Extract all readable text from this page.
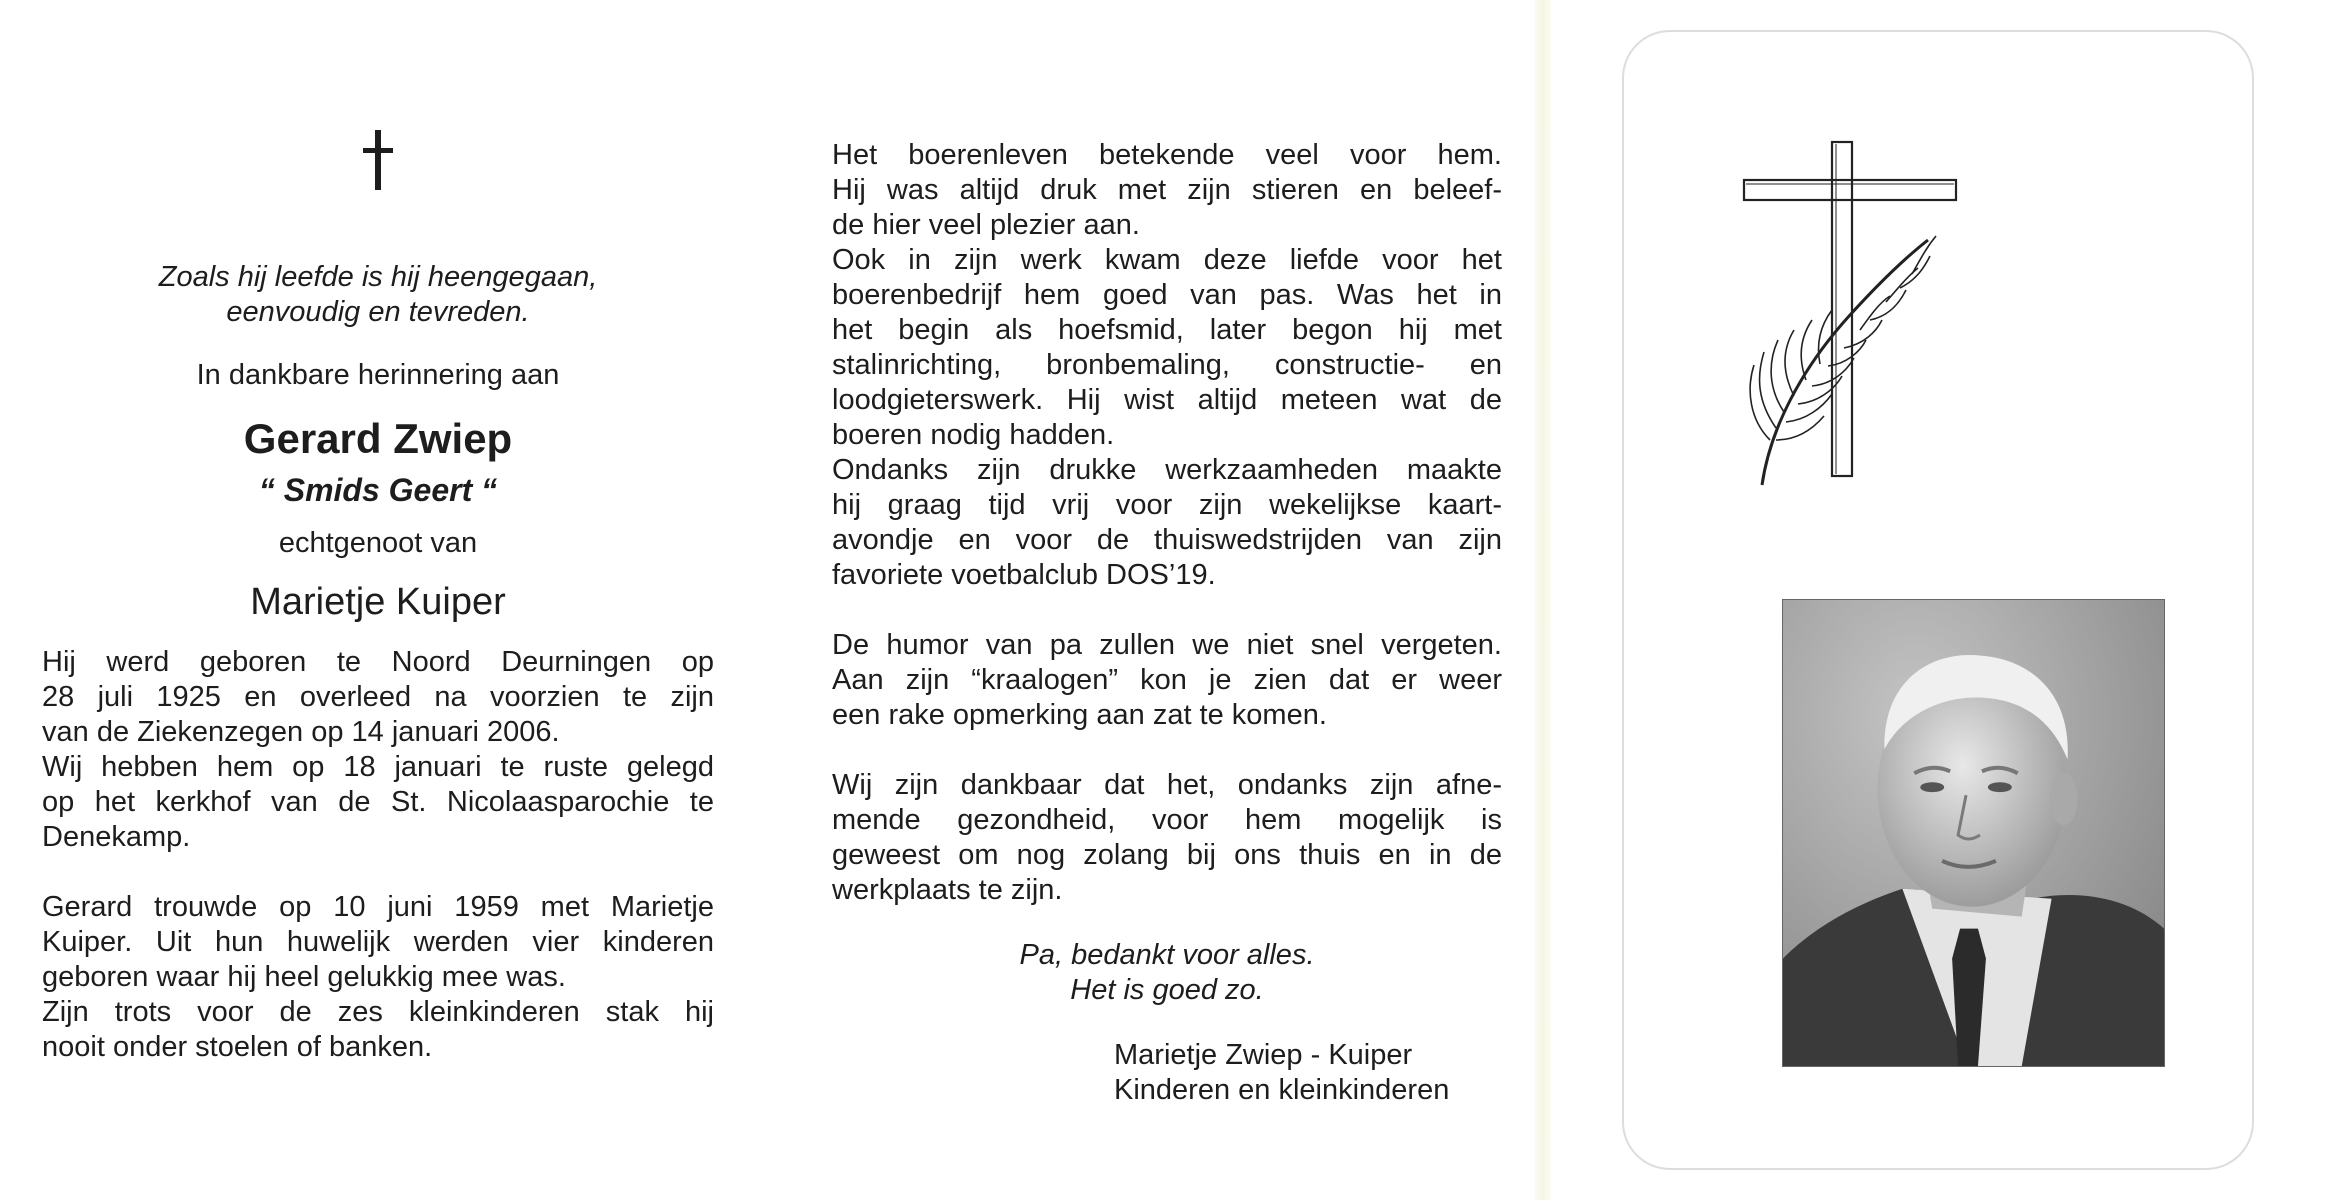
Zoals hij leefde is hij heengegaan,
eenvoudig en tevreden.
In dankbare herinnering aan
Gerard Zwiep
“ Smids Geert “
echtgenoot van
Marietje Kuiper
Hij werd geboren te Noord Deurningen op
28 juli 1925 en overleed na voorzien te zijn
van de Ziekenzegen op 14 januari 2006.
Wij hebben hem op 18 januari te ruste gelegd
op het kerkhof van de St. Nicolaasparochie te
Denekamp.
Gerard trouwde op 10 juni 1959 met Marietje
Kuiper. Uit hun huwelijk werden vier kinderen
geboren waar hij heel gelukkig mee was.
Zijn trots voor de zes kleinkinderen stak hij
nooit onder stoelen of banken.
Het boerenleven betekende veel voor hem.
Hij was altijd druk met zijn stieren en beleef-
de hier veel plezier aan.
Ook in zijn werk kwam deze liefde voor het
boerenbedrijf hem goed van pas. Was het in
het begin als hoefsmid, later begon hij met
stalinrichting, bronbemaling, constructie- en
loodgieterswerk. Hij wist altijd meteen wat de
boeren nodig hadden.
Ondanks zijn drukke werkzaamheden maakte
hij graag tijd vrij voor zijn wekelijkse kaart-
avondje en voor de thuiswedstrijden van zijn
favoriete voetbalclub DOS’19.
De humor van pa zullen we niet snel vergeten.
Aan zijn “kraalogen” kon je zien dat er weer
een rake opmerking aan zat te komen.
Wij zijn dankbaar dat het, ondanks zijn afne-
mende gezondheid, voor hem mogelijk is
geweest om nog zolang bij ons thuis en in de
werkplaats te zijn.
Pa, bedankt voor alles.
Het is goed zo.
Marietje Zwiep - Kuiper
Kinderen en kleinkinderen
